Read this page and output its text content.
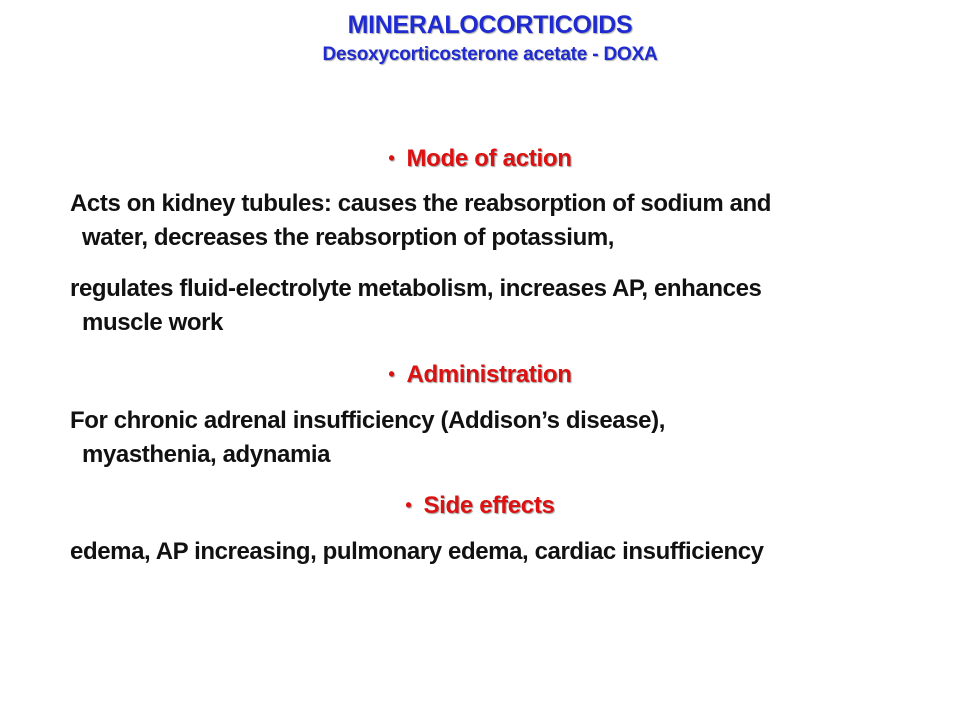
MINERALOCORTICOIDS
Desoxycorticosterone acetate - DOXA
• Mode of action
Acts on kidney tubules: causes the reabsorption of sodium and
water, decreases the reabsorption of potassium,
regulates fluid-electrolyte metabolism, increases AP, enhances
muscle work
• Administration
For chronic adrenal insufficiency (Addison’s disease),
myasthenia, adynamia
• Side effects
edema, AP increasing, pulmonary edema, cardiac insufficiency
